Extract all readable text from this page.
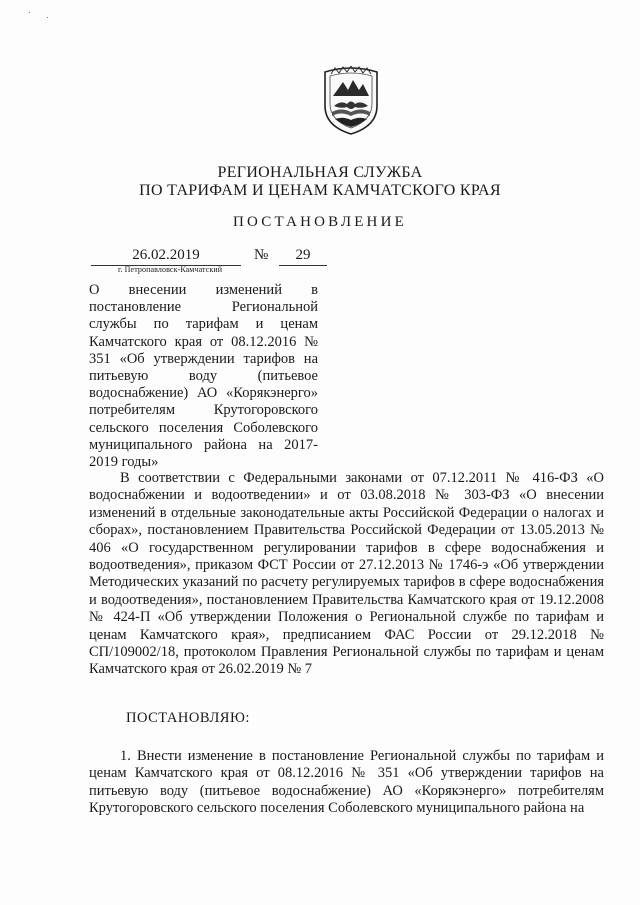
РЕГИОНАЛЬНАЯ СЛУЖБА
ПО ТАРИФАМ И ЦЕНАМ КАМЧАТСКОГО КРАЯ
ПОСТАНОВЛЕНИЕ
26.02.2019	№	29
г. Петропавловск-Камчатский
О внесении изменений в постановление Региональной службы по тарифам и ценам Камчатского края от 08.12.2016 № 351 «Об утверждении тарифов на питьевую воду (питьевое водоснабжение) АО «Корякэнерго» потребителям Крутогоровского сельского поселения Соболевского муниципального района на 2017-2019 годы»
В соответствии с Федеральными законами от 07.12.2011 № 416-ФЗ «О водоснабжении и водоотведении» и от 03.08.2018 № 303-ФЗ «О внесении изменений в отдельные законодательные акты Российской Федерации о налогах и сборах», постановлением Правительства Российской Федерации от 13.05.2013 № 406 «О государственном регулировании тарифов в сфере водоснабжения и водоотведения», приказом ФСТ России от 27.12.2013 № 1746-э «Об утверждении Методических указаний по расчету регулируемых тарифов в сфере водоснабжения и водоотведения», постановлением Правительства Камчатского края от 19.12.2008 № 424-П «Об утверждении Положения о Региональной службе по тарифам и ценам Камчатского края», предписанием ФАС России от 29.12.2018 № СП/109002/18, протоколом Правления Региональной службы по тарифам и ценам Камчатского края от 26.02.2019 № 7
ПОСТАНОВЛЯЮ:
1. Внести изменение в постановление Региональной службы по тарифам и ценам Камчатского края от 08.12.2016 № 351 «Об утверждении тарифов на питьевую воду (питьевое водоснабжение) АО «Корякэнерго» потребителям Крутогоровского сельского поселения Соболевского муниципального района на
